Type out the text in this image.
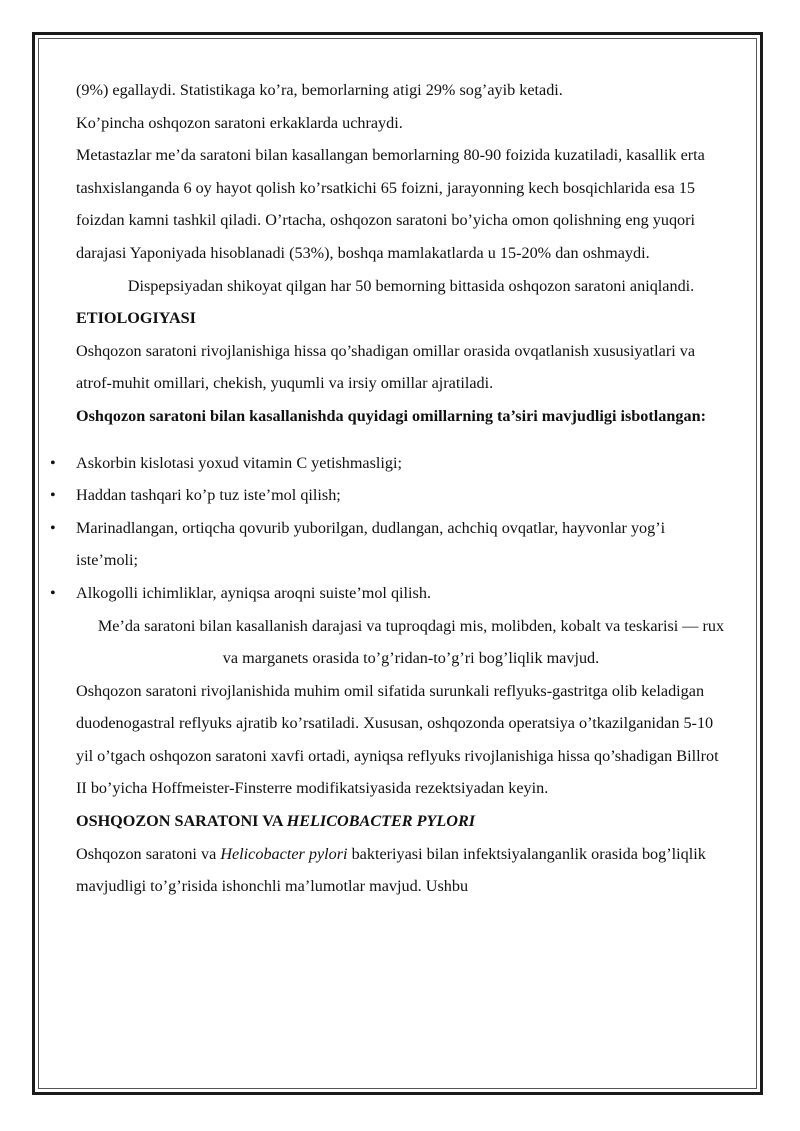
(9%) egallaydi. Statistikaga ko’ra, bemorlarning atigi 29% sog’ayib ketadi.

Ko’pincha oshqozon saratoni erkaklarda uchraydi.

Metastazlar me’da saratoni bilan kasallangan bemorlarning 80-90 foizida kuzatiladi, kasallik erta tashxislanganda 6 oy hayot qolish ko’rsatkichi 65 foizni, jarayonning kech bosqichlarida esa 15 foizdan kamni tashkil qiladi. O’rtacha, oshqozon saratoni bo’yicha omon qolishning eng yuqori darajasi Yaponiyada hisoblanadi (53%), boshqa mamlakatlarda u 15-20% dan oshmaydi.

Dispepsiyadan shikoyat qilgan har 50 bemorning bittasida oshqozon saratoni aniqlandi.

ETIOLOGIYASI

Oshqozon saratoni rivojlanishiga hissa qo’shadigan omillar orasida ovqatlanish xususiyatlari va atrof-muhit omillari, chekish, yuqumli va irsiy omillar ajratiladi.

Oshqozon saratoni bilan kasallanishda quyidagi omillarning ta’siri mavjudligi isbotlangan:

• Askorbin kislotasi yoxud vitamin C yetishmasligi;
• Haddan tashqari ko’p tuz iste’mol qilish;
• Marinadlangan, ortiqcha qovurib yuborilgan, dudlangan, achchiq ovqatlar, hayvonlar yog’i iste’moli;
• Alkogolli ichimliklar, ayniqsa aroqni suiste’mol qilish.

Me’da saratoni bilan kasallanish darajasi va tuproqdagi mis, molibden, kobalt va teskarisi — rux va marganets orasida to’g’ridan-to’g’ri bog’liqlik mavjud.

Oshqozon saratoni rivojlanishida muhim omil sifatida surunkali reflyuks-gastritga olib keladigan duodenogastral reflyuks ajratib ko’rsatiladi. Xususan, oshqozonda operatsiya o’tkazilganidan 5-10 yil o’tgach oshqozon saratoni xavfi ortadi, ayniqsa reflyuks rivojlanishiga hissa qo’shadigan Billrot II bo’yicha Hoffmeister-Finsterre modifikatsiyasida rezektsiyadan keyin.

OSHQOZON SARATONI VA HELICOBACTER PYLORI

Oshqozon saratoni va Helicobacter pylori bakteriyasi bilan infektsiyalanganlik orasida bog’liqlik mavjudligi to’g’risida ishonchli ma’lumotlar mavjud. Ushbu
